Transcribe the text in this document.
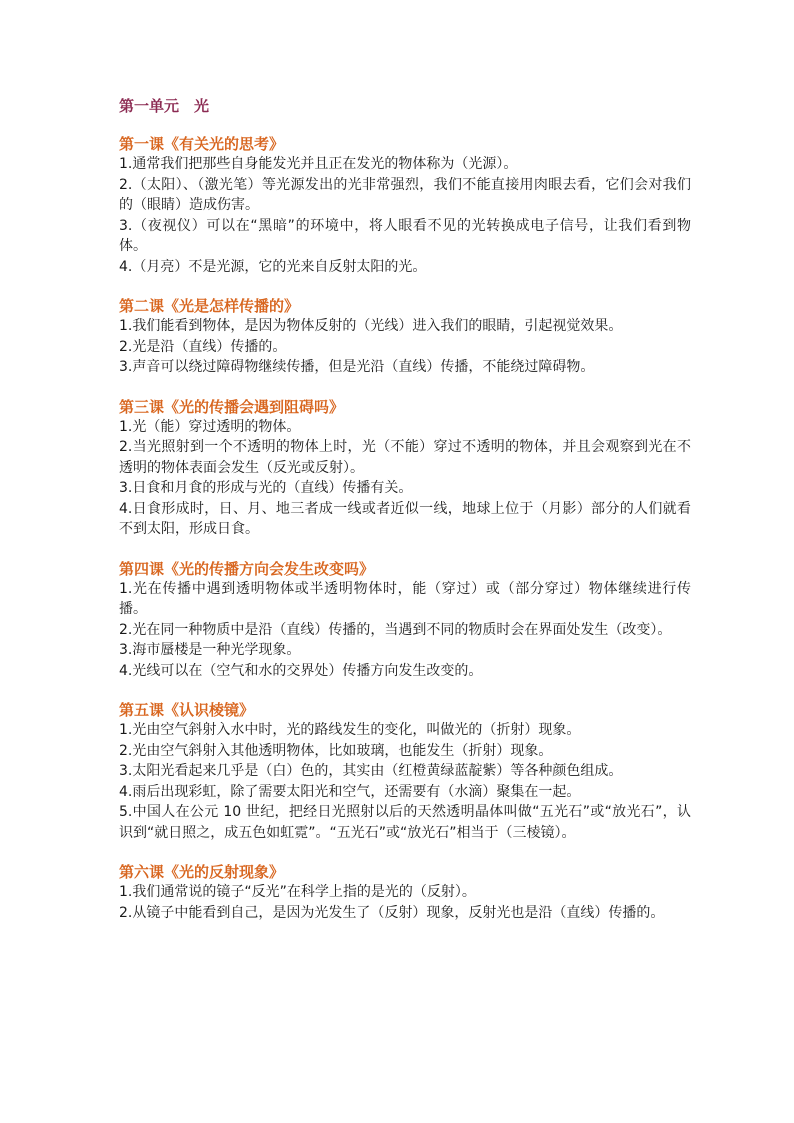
第一单元　光
第一课《有关光的思考》

1.通常我们把那些自身能发光并且正在发光的物体称为（光源）。

2.（太阳）、（激光笔）等光源发出的光非常强烈，我们不能直接用肉眼去看，它们会对我们的（眼睛）造成伤害。

3.（夜视仪）可以在“黑暗”的环境中，将人眼看不见的光转换成电子信号，让我们看到物体。

4.（月亮）不是光源，它的光来自反射太阳的光。

第二课《光是怎样传播的》

1.我们能看到物体，是因为物体反射的（光线）进入我们的眼睛，引起视觉效果。

2.光是沿（直线）传播的。

3.声音可以绕过障碍物继续传播，但是光沿（直线）传播，不能绕过障碍物。

第三课《光的传播会遇到阻碍吗》

1.光（能）穿过透明的物体。

2.当光照射到一个不透明的物体上时，光（不能）穿过不透明的物体，并且会观察到光在不透明的物体表面会发生（反光或反射）。

3.日食和月食的形成与光的（直线）传播有关。

4.日食形成时，日、月、地三者成一线或者近似一线，地球上位于（月影）部分的人们就看不到太阳，形成日食。

第四课《光的传播方向会发生改变吗》

1.光在传播中遇到透明物体或半透明物体时，能（穿过）或（部分穿过）物体继续进行传播。

2.光在同一种物质中是沿（直线）传播的，当遇到不同的物质时会在界面处发生（改变）。

3.海市蜃楼是一种光学现象。

4.光线可以在（空气和水的交界处）传播方向发生改变的。

第五课《认识棱镜》

1.光由空气斜射入水中时，光的路线发生的变化，叫做光的（折射）现象。

2.光由空气斜射入其他透明物体，比如玻璃，也能发生（折射）现象。

3.太阳光看起来几乎是（白）色的，其实由（红橙黄绿蓝靛紫）等各种颜色组成。

4.雨后出现彩虹，除了需要太阳光和空气，还需要有（水滴）聚集在一起。

5.中国人在公元 10 世纪，把经日光照射以后的天然透明晶体叫做“五光石”或“放光石”，认识到“就日照之，成五色如虹霓”。“五光石”或“放光石”相当于（三棱镜）。

第六课《光的反射现象》

1.我们通常说的镜子“反光”在科学上指的是光的（反射）。

2.从镜子中能看到自己，是因为光发生了（反射）现象，反射光也是沿（直线）传播的。
